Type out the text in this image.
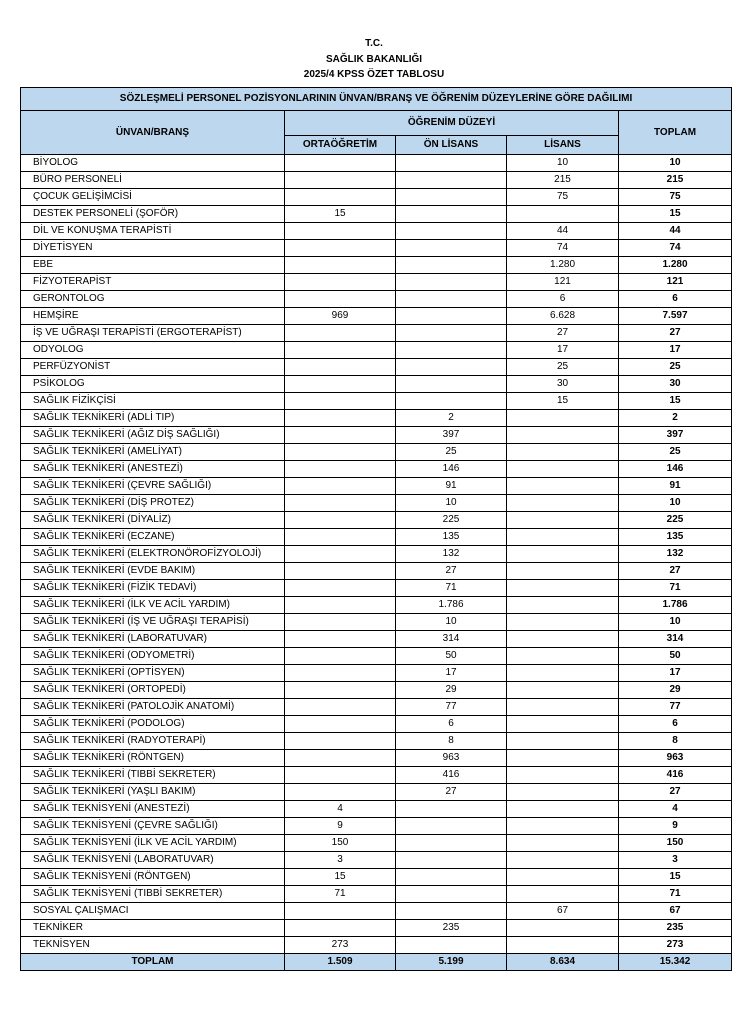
T.C.
SAĞLIK BAKANLIĞI
2025/4 KPSS ÖZET TABLOSU
SÖZLEŞMELİ PERSONEL POZİSYONLARININ ÜNVAN/BRANŞ VE ÖĞRENİM DÜZEYLERİNE GÖRE DAĞILIMI				
ÜNVAN/BRANŞ	ÖĞRENİM DÜZEYİ			TOPLAM
	ORTAÖĞRETİM	ÖN LİSANS	LİSANS	
BİYOLOG			10	10
BÜRO PERSONELİ			215	215
ÇOCUK GELİŞİMCİSİ			75	75
DESTEK PERSONELİ (ŞOFÖR)	15			15
DİL VE KONUŞMA TERAPİSTİ			44	44
DİYETİSYEN			74	74
EBE			1.280	1.280
FİZYOTERAPİST			121	121
GERONTOLOG			6	6
HEMŞİRE	969		6.628	7.597
İŞ VE UĞRAŞI TERAPİSTİ (ERGOTERAPİST)			27	27
ODYOLOG			17	17
PERFÜZYONİST			25	25
PSİKOLOG			30	30
SAĞLIK FİZİKÇİSİ			15	15
SAĞLIK TEKNİKERİ (ADLİ TIP)		2		2
SAĞLIK TEKNİKERİ (AĞIZ DİŞ SAĞLIĞI)		397		397
SAĞLIK TEKNİKERİ (AMELİYAT)		25		25
SAĞLIK TEKNİKERİ (ANESTEZİ)		146		146
SAĞLIK TEKNİKERİ (ÇEVRE SAĞLIĞI)		91		91
SAĞLIK TEKNİKERİ (DİŞ PROTEZ)		10		10
SAĞLIK TEKNİKERİ (DİYALİZ)		225		225
SAĞLIK TEKNİKERİ (ECZANE)		135		135
SAĞLIK TEKNİKERİ (ELEKTRONÖROFİZYOLOJİ)		132		132
SAĞLIK TEKNİKERİ (EVDE BAKIM)		27		27
SAĞLIK TEKNİKERİ (FİZİK TEDAVİ)		71		71
SAĞLIK TEKNİKERİ (İLK VE ACİL YARDIM)		1.786		1.786
SAĞLIK TEKNİKERİ (İŞ VE UĞRAŞI TERAPİSİ)		10		10
SAĞLIK TEKNİKERİ (LABORATUVAR)		314		314
SAĞLIK TEKNİKERİ (ODYOMETRİ)		50		50
SAĞLIK TEKNİKERİ (OPTİSYEN)		17		17
SAĞLIK TEKNİKERİ (ORTOPEDİ)		29		29
SAĞLIK TEKNİKERİ (PATOLOJİK ANATOMİ)		77		77
SAĞLIK TEKNİKERİ (PODOLOG)		6		6
SAĞLIK TEKNİKERİ (RADYOTERAPİ)		8		8
SAĞLIK TEKNİKERİ (RÖNTGEN)		963		963
SAĞLIK TEKNİKERİ (TIBBİ SEKRETER)		416		416
SAĞLIK TEKNİKERİ (YAŞLI BAKIM)		27		27
SAĞLIK TEKNİSYENİ (ANESTEZİ)	4			4
SAĞLIK TEKNİSYENİ (ÇEVRE SAĞLIĞI)	9			9
SAĞLIK TEKNİSYENİ (İLK VE ACİL YARDIM)	150			150
SAĞLIK TEKNİSYENİ (LABORATUVAR)	3			3
SAĞLIK TEKNİSYENİ (RÖNTGEN)	15			15
SAĞLIK TEKNİSYENİ (TIBBİ SEKRETER)	71			71
SOSYAL ÇALIŞMACI			67	67
TEKNİKER		235		235
TEKNİSYEN	273			273
TOPLAM	1.509	5.199	8.634	15.342
